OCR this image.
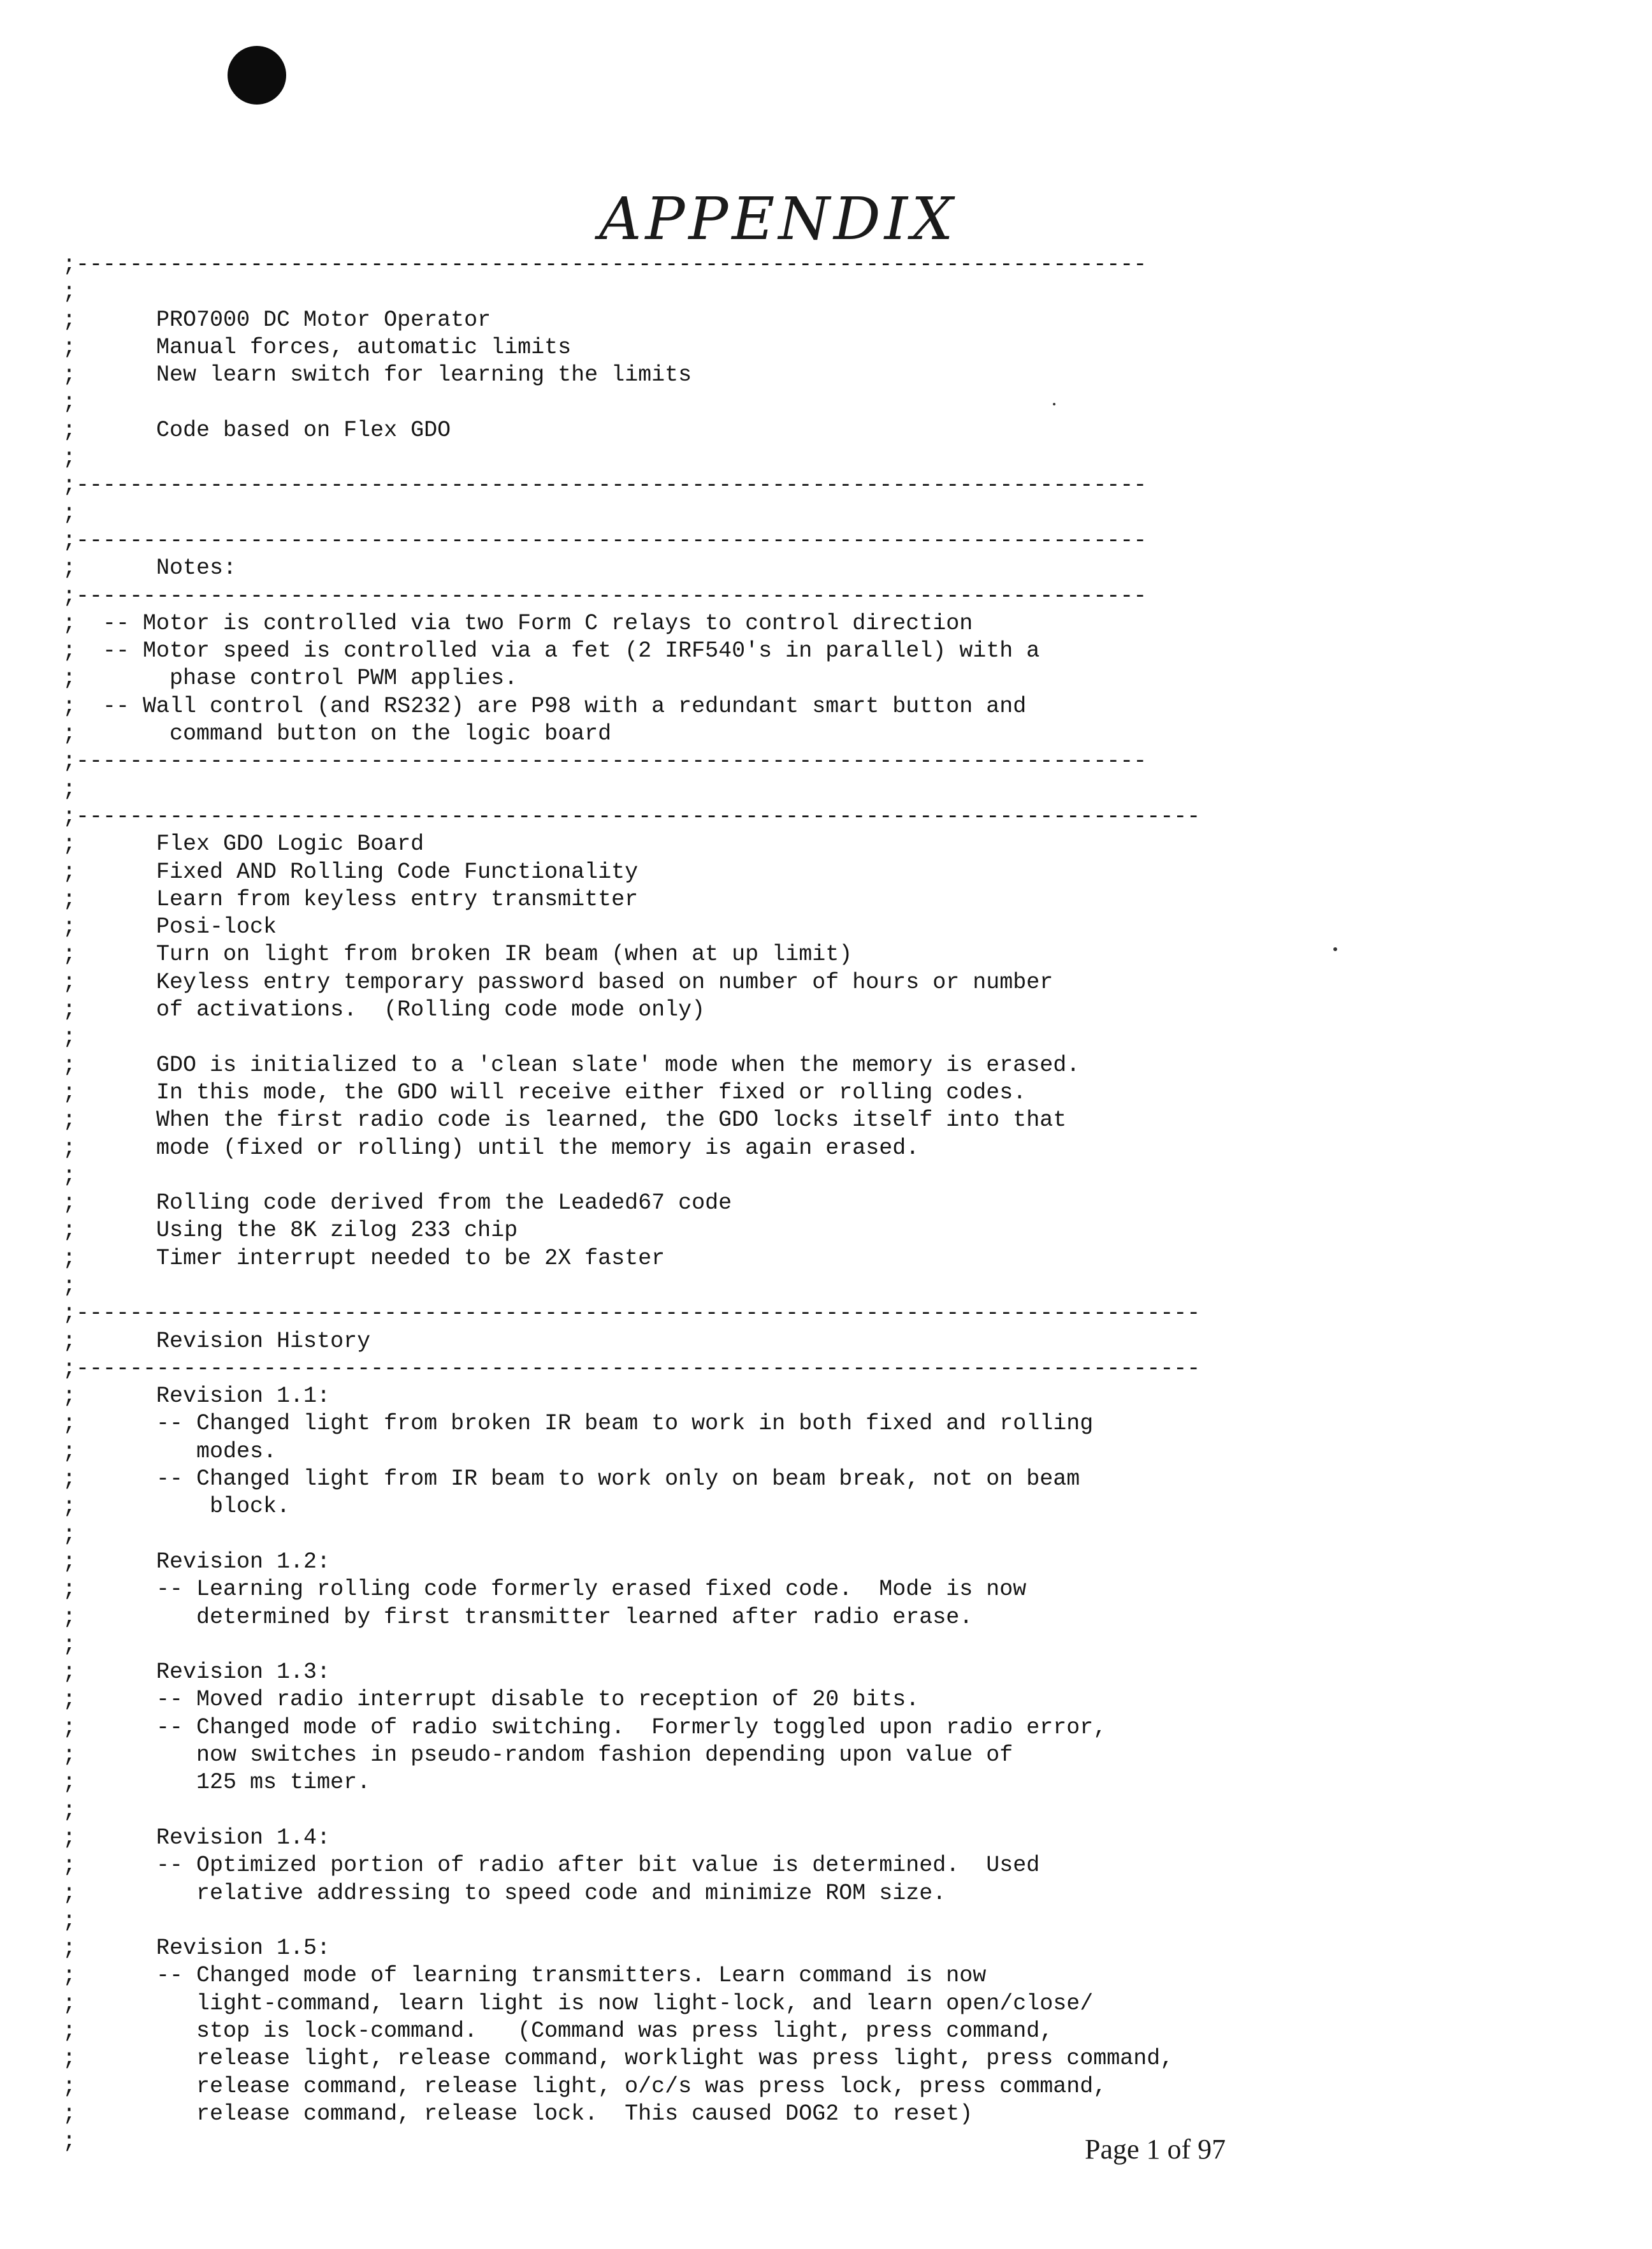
APPENDIX
;--------------------------------------------------------------------------------
;
;      PRO7000 DC Motor Operator
;      Manual forces, automatic limits
;      New learn switch for learning the limits
;
;      Code based on Flex GDO
;
;--------------------------------------------------------------------------------
;
;--------------------------------------------------------------------------------
;      Notes:
;--------------------------------------------------------------------------------
;  -- Motor is controlled via two Form C relays to control direction
;  -- Motor speed is controlled via a fet (2 IRF540's in parallel) with a
;       phase control PWM applies.
;  -- Wall control (and RS232) are P98 with a redundant smart button and
;       command button on the logic board
;--------------------------------------------------------------------------------
;
;------------------------------------------------------------------------------------
;      Flex GDO Logic Board
;      Fixed AND Rolling Code Functionality
;      Learn from keyless entry transmitter
;      Posi-lock
;      Turn on light from broken IR beam (when at up limit)
;      Keyless entry temporary password based on number of hours or number
;      of activations.  (Rolling code mode only)
;
;      GDO is initialized to a 'clean slate' mode when the memory is erased.
;      In this mode, the GDO will receive either fixed or rolling codes.
;      When the first radio code is learned, the GDO locks itself into that
;      mode (fixed or rolling) until the memory is again erased.
;
;      Rolling code derived from the Leaded67 code
;      Using the 8K zilog 233 chip
;      Timer interrupt needed to be 2X faster
;
;------------------------------------------------------------------------------------
;      Revision History
;------------------------------------------------------------------------------------
;      Revision 1.1:
;      -- Changed light from broken IR beam to work in both fixed and rolling
;         modes.
;      -- Changed light from IR beam to work only on beam break, not on beam
;          block.
;
;      Revision 1.2:
;      -- Learning rolling code formerly erased fixed code.  Mode is now
;         determined by first transmitter learned after radio erase.
;
;      Revision 1.3:
;      -- Moved radio interrupt disable to reception of 20 bits.
;      -- Changed mode of radio switching.  Formerly toggled upon radio error,
;         now switches in pseudo-random fashion depending upon value of
;         125 ms timer.
;
;      Revision 1.4:
;      -- Optimized portion of radio after bit value is determined.  Used
;         relative addressing to speed code and minimize ROM size.
;
;      Revision 1.5:
;      -- Changed mode of learning transmitters. Learn command is now
;         light-command, learn light is now light-lock, and learn open/close/
;         stop is lock-command.   (Command was press light, press command,
;         release light, release command, worklight was press light, press command,
;         release command, release light, o/c/s was press lock, press command,
;         release command, release lock.  This caused DOG2 to reset)
;	Page 1 of 97
